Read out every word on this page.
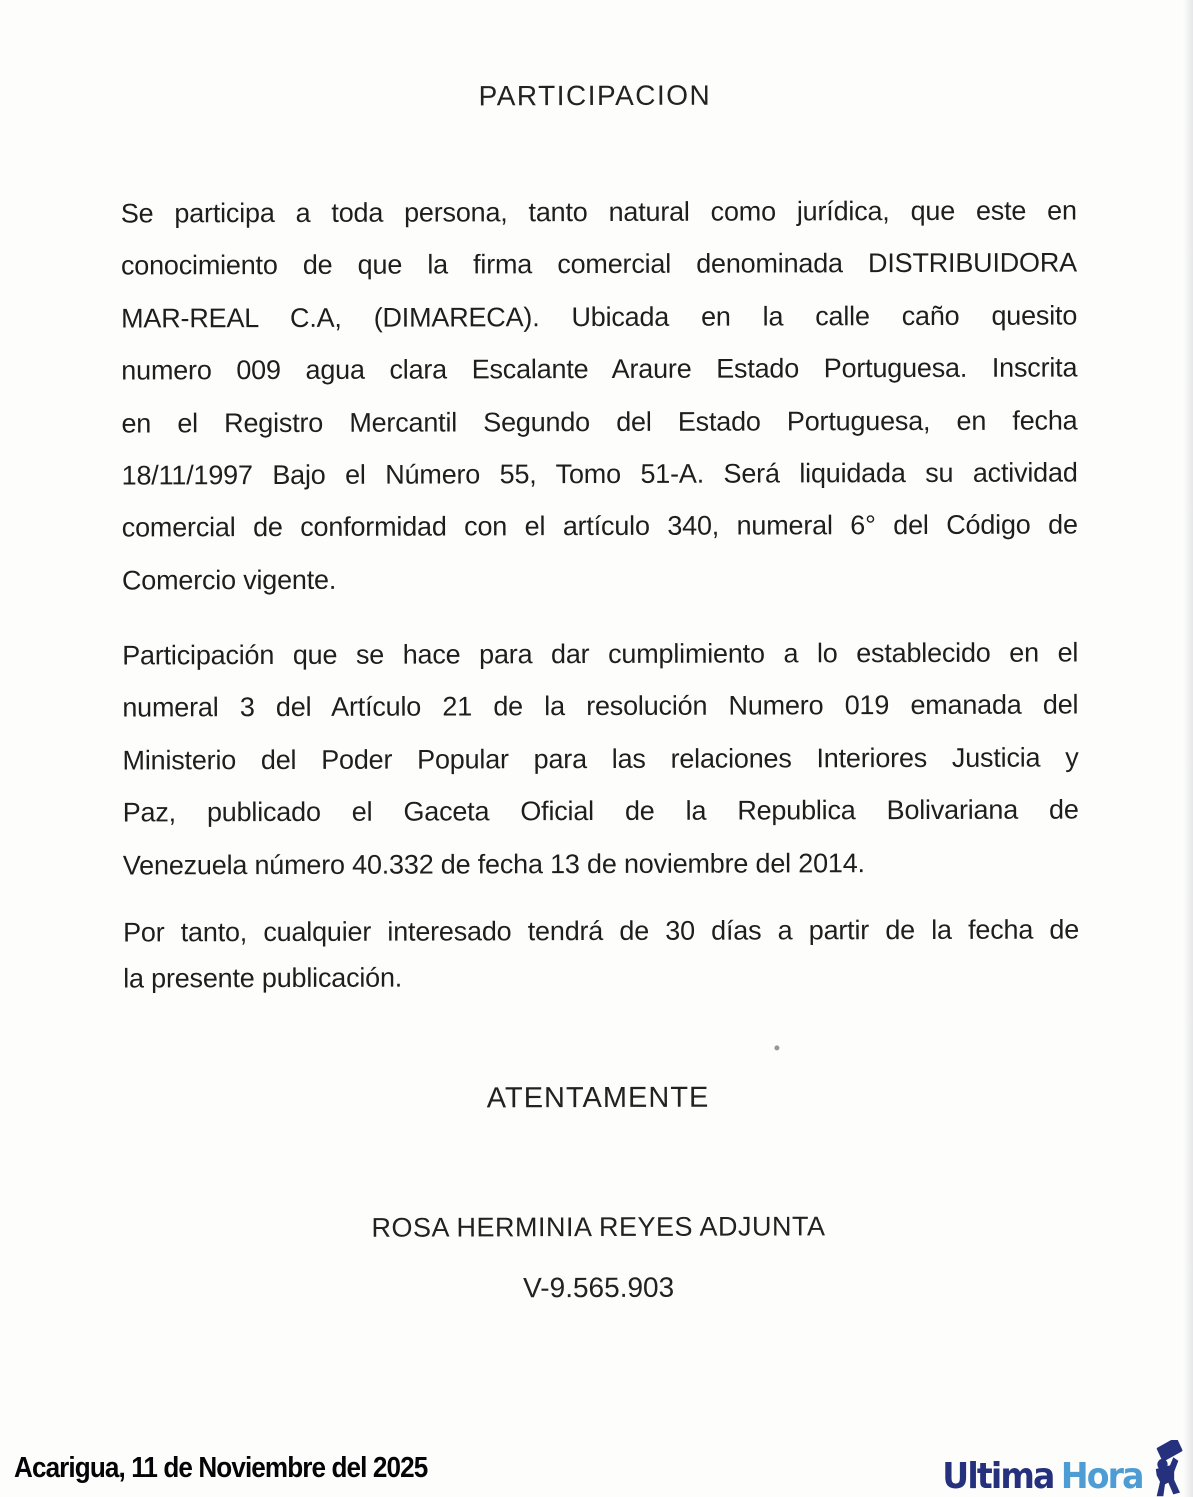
PARTICIPACION
Se participa a toda persona, tanto natural como jurídica, que este en
conocimiento de que la firma comercial denominada DISTRIBUIDORA
MAR-REAL C.A, (DIMARECA). Ubicada en la calle caño quesito
numero 009 agua clara Escalante Araure Estado Portuguesa. Inscrita
en el Registro Mercantil Segundo del Estado Portuguesa, en fecha
18/11/1997 Bajo el Número 55, Tomo 51-A. Será liquidada su actividad
comercial de conformidad con el artículo 340, numeral 6° del Código de
Comercio vigente.
Participación que se hace para dar cumplimiento a lo establecido en el
numeral 3 del Artículo 21 de la resolución Numero 019 emanada del
Ministerio del Poder Popular para las relaciones Interiores Justicia y
Paz, publicado el Gaceta Oficial de la Republica Bolivariana de
Venezuela número 40.332 de fecha 13 de noviembre del 2014.
Por tanto, cualquier interesado tendrá de 30 días a partir de la fecha de
la presente publicación.
ATENTAMENTE
ROSA HERMINIA REYES ADJUNTA
V-9.565.903
Acarigua, 11 de Noviembre del 2025	Ultima Hora
